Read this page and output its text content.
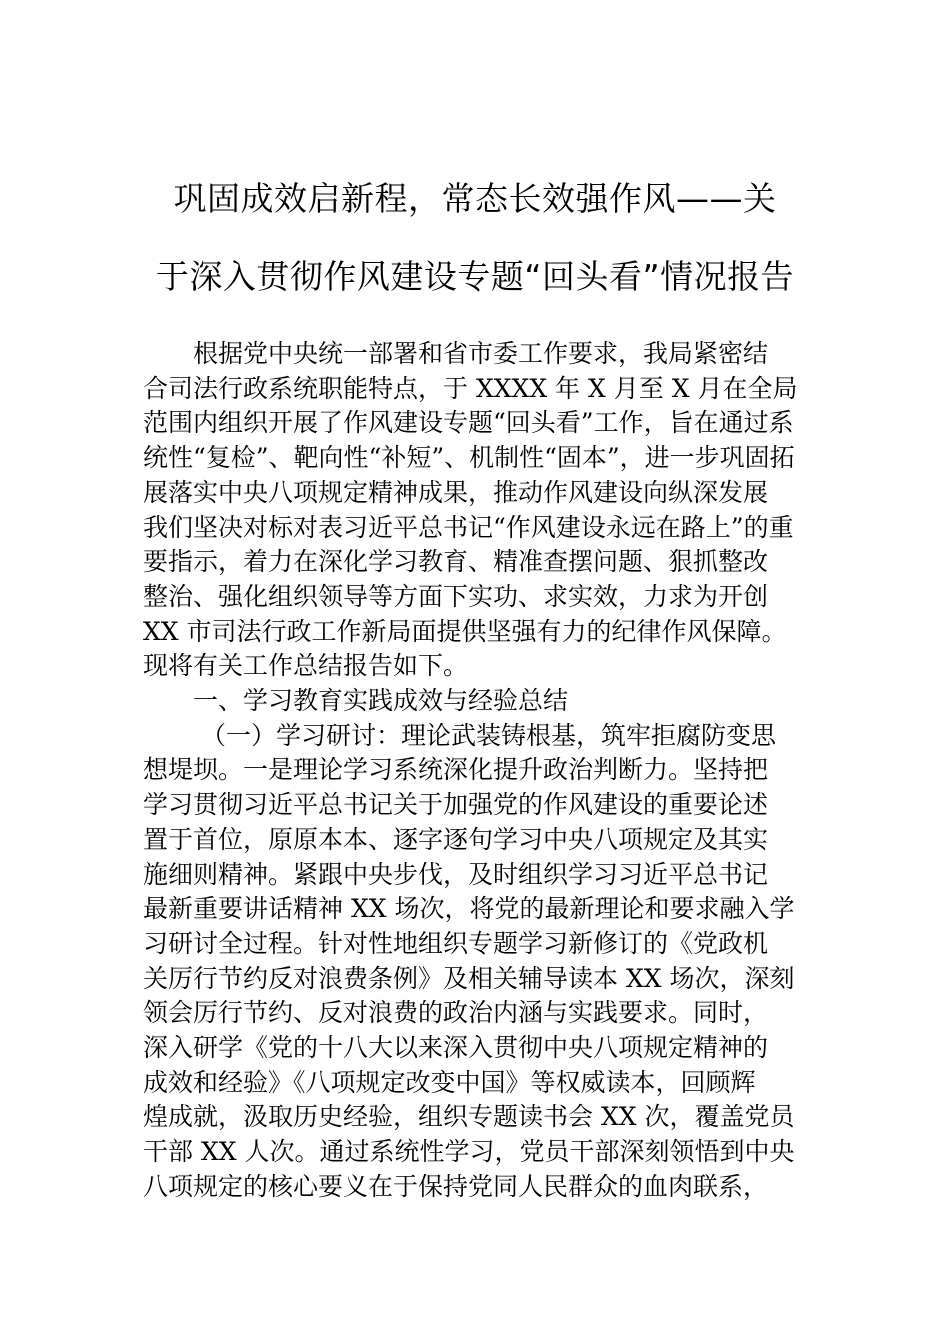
巩固成效启新程，常态长效强作风——关
于深入贯彻作风建设专题“回头看”情况报告
根据党中央统一部署和省市委工作要求，我局紧密结
合司法行政系统职能特点，于 XXXX 年 X 月至 X 月在全局
范围内组织开展了作风建设专题“回头看”工作，旨在通过系
统性“复检”、靶向性“补短”、机制性“固本”，进一步巩固拓
展落实中央八项规定精神成果，推动作风建设向纵深发展
我们坚决对标对表习近平总书记“作风建设永远在路上”的重
要指示，着力在深化学习教育、精准查摆问题、狠抓整改
整治、强化组织领导等方面下实功、求实效，力求为开创
XX 市司法行政工作新局面提供坚强有力的纪律作风保障。
现将有关工作总结报告如下。
一、学习教育实践成效与经验总结
（一）学习研讨：理论武装铸根基，筑牢拒腐防变思
想堤坝。一是理论学习系统深化提升政治判断力。坚持把
学习贯彻习近平总书记关于加强党的作风建设的重要论述
置于首位，原原本本、逐字逐句学习中央八项规定及其实
施细则精神。紧跟中央步伐，及时组织学习习近平总书记
最新重要讲话精神 XX 场次，将党的最新理论和要求融入学
习研讨全过程。针对性地组织专题学习新修订的《党政机
关厉行节约反对浪费条例》及相关辅导读本 XX 场次，深刻
领会厉行节约、反对浪费的政治内涵与实践要求。同时，
深入研学《党的十八大以来深入贯彻中央八项规定精神的
成效和经验》《八项规定改变中国》等权威读本，回顾辉
煌成就，汲取历史经验，组织专题读书会 XX 次，覆盖党员
干部 XX 人次。通过系统性学习，党员干部深刻领悟到中央
八项规定的核心要义在于保持党同人民群众的血肉联系，
